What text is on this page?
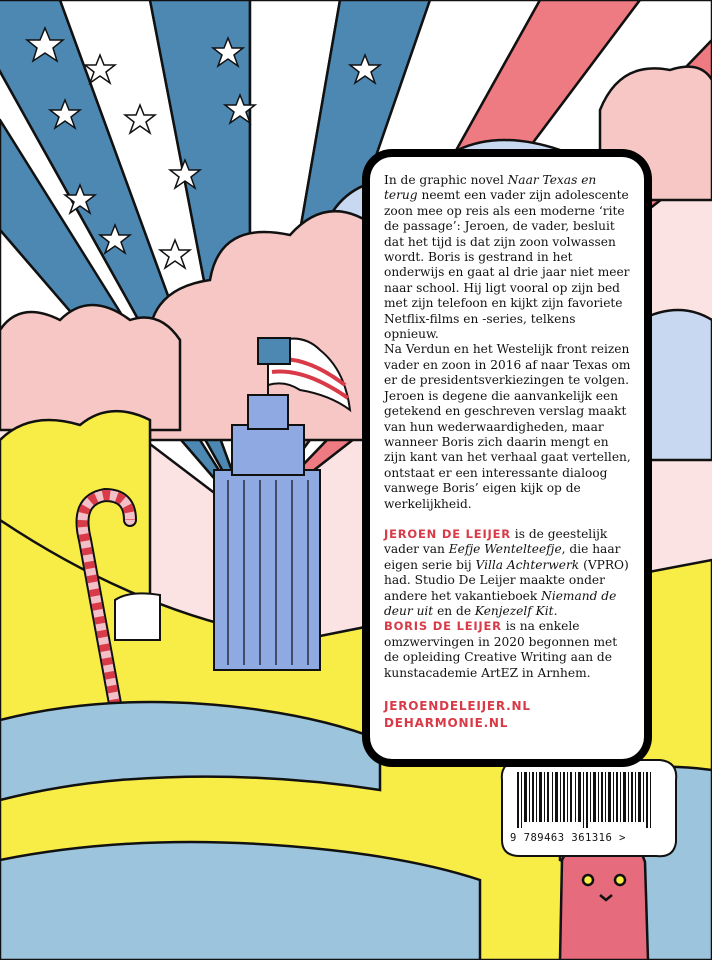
9 789463 361316 >

In de graphic novel Naar Texas en terug neemt een vader zijn adolescente zoon mee op reis als een moderne ‘rite de passage’: Jeroen, de vader, besluit dat het tijd is dat zijn zoon volwassen wordt. Boris is gestrand in het onderwijs en gaat al drie jaar niet meer naar school. Hij ligt vooral op zijn bed met zijn telefoon en kijkt zijn favoriete Netflix-films en -series, telkens opnieuw.

Na Verdun en het Westelijk front reizen vader en zoon in 2016 af naar Texas om er de presidentsverkiezingen te volgen. Jeroen is degene die aanvankelijk een getekend en geschreven verslag maakt van hun wederwaardigheden, maar wanneer Boris zich daarin mengt en zijn kant van het verhaal gaat vertellen, ontstaat er een interessante dialoog vanwege Boris’ eigen kijk op de werkelijkheid.

JEROEN DE LEIJER is de geestelijk vader van Eefje Wentelteefje, die haar eigen serie bij Villa Achterwerk (VPRO) had. Studio De Leijer maakte onder andere het vakantieboek Niemand de deur uit en de Kenjezelf Kit.

BORIS DE LEIJER is na enkele omzwervingen in 2020 begonnen met de opleiding Creative Writing aan de kunstacademie ArtEZ in Arnhem.

JEROENDELEIJER.NL
DEHARMONIE.NL
